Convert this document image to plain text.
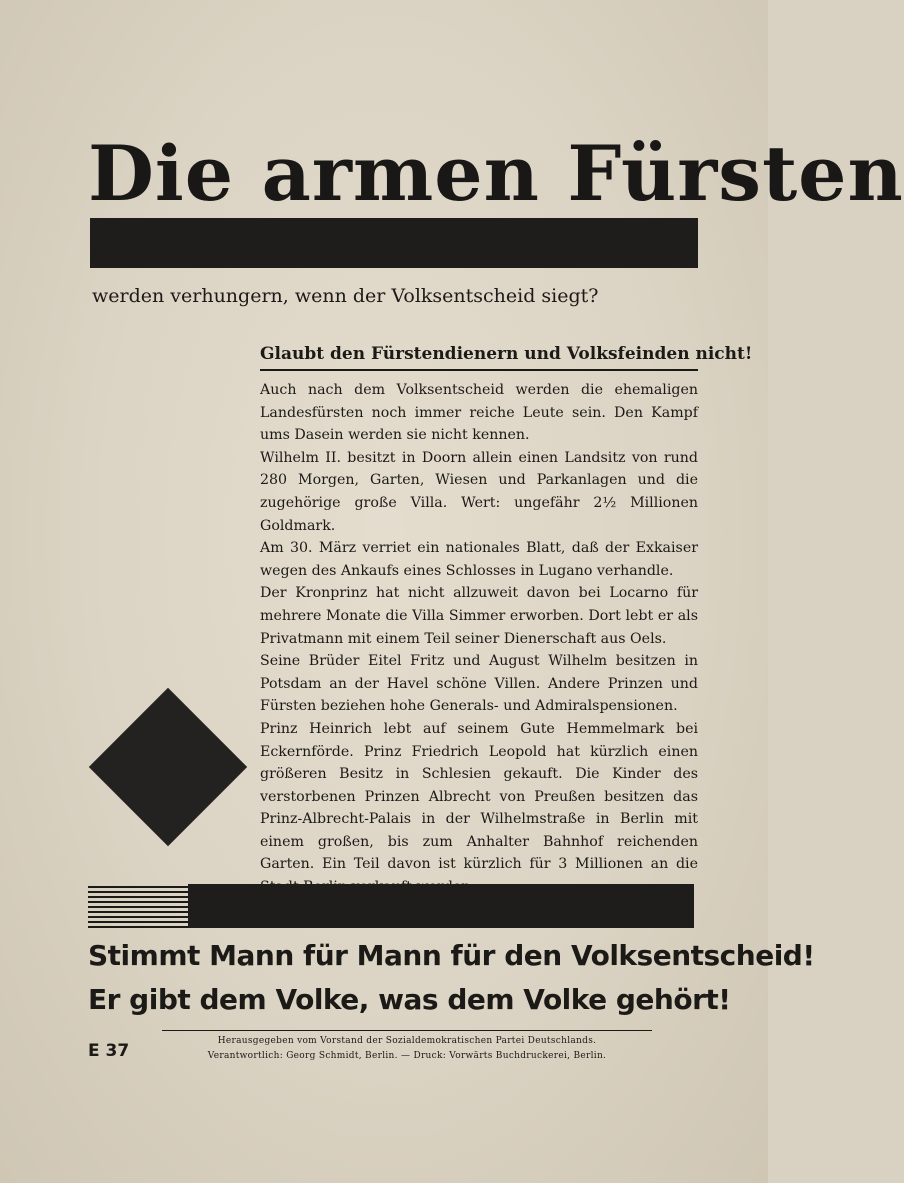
Die armen Fürsten
werden verhungern, wenn der Volksentscheid siegt?
Glaubt den Fürstendienern und Volksfeinden nicht!

Auch nach dem Volksentscheid werden die ehemaligen Landesfürsten noch immer reiche Leute sein. Den Kampf ums Dasein werden sie nicht kennen.

Wilhelm II. besitzt in Doorn allein einen Landsitz von rund 280 Morgen, Garten, Wiesen und Parkanlagen und die zugehörige große Villa. Wert: ungefähr 2½ Millionen Goldmark.

Am 30. März verriet ein nationales Blatt, daß der Exkaiser wegen des Ankaufs eines Schlosses in Lugano verhandle.

Der Kronprinz hat nicht allzuweit davon bei Locarno für mehrere Monate die Villa Simmer erworben. Dort lebt er als Privatmann mit einem Teil seiner Dienerschaft aus Oels.

Seine Brüder Eitel Fritz und August Wilhelm besitzen in Potsdam an der Havel schöne Villen. Andere Prinzen und Fürsten beziehen hohe Generals- und Admiralspensionen.

Prinz Heinrich lebt auf seinem Gute Hemmelmark bei Eckernförde. Prinz Friedrich Leopold hat kürzlich einen größeren Besitz in Schlesien gekauft. Die Kinder des verstorbenen Prinzen Albrecht von Preußen besitzen das Prinz-Albrecht-Palais in der Wilhelmstraße in Berlin mit einem großen, bis zum Anhalter Bahnhof reichenden Garten. Ein Teil davon ist kürzlich für 3 Millionen an die

Stimmt Mann für Mann für den Volksentscheid!
Er gibt dem Volke, was dem Volke gehört!
E 37	Herausgegeben vom Vorstand der Sozialdemokratischen Partei Deutschlands.
Verantwortlich: Georg Schmidt, Berlin. — Druck: Vorwärts Buchdruckerei, Berlin.
